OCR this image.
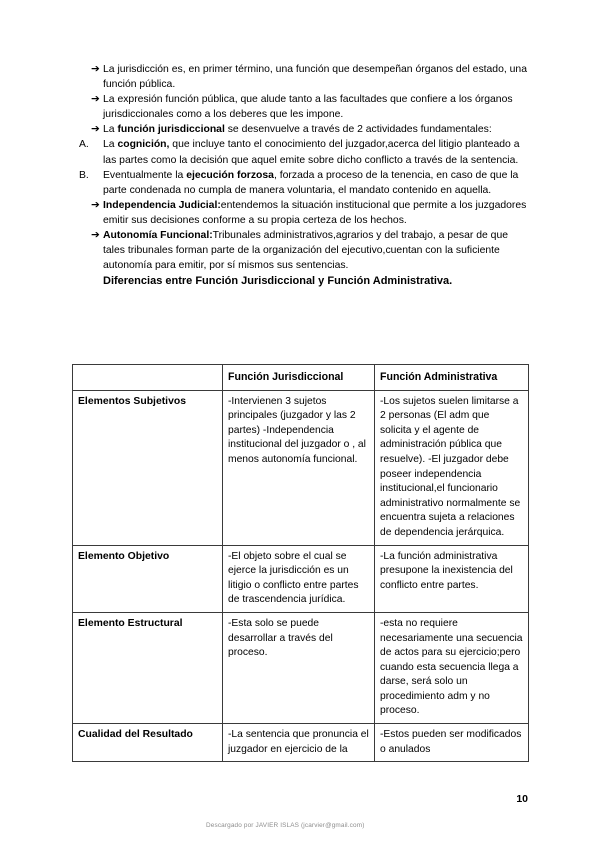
➔ La jurisdicción es, en primer término, una función que desempeñan órganos del estado, una función pública.
➔ La expresión función pública, que alude tanto a las facultades que confiere a los órganos jurisdiccionales como a los deberes que les impone.
➔ La función jurisdiccional se desenvuelve a través de 2 actividades fundamentales:
A. La cognición, que incluye tanto el conocimiento del juzgador,acerca del litigio planteado a las partes como la decisión que aquel emite sobre dicho conflicto a través de la sentencia.
B. Eventualmente la ejecución forzosa, forzada a proceso de la tenencia, en caso de que la parte condenada no cumpla de manera voluntaria, el mandato contenido en aquella.
➔ Independencia Judicial:entendemos la situación institucional que permite a los juzgadores emitir sus decisiones conforme a su propia certeza de los hechos.
➔ Autonomía Funcional:Tribunales administrativos,agrarios y del trabajo, a pesar de que tales tribunales forman parte de la organización del ejecutivo,cuentan con la suficiente autonomía para emitir, por sí mismos sus sentencias.
Diferencias entre Función Jurisdiccional y Función Administrativa.
	Función Jurisdiccional	Función Administrativa
Elementos Subjetivos	-Intervienen 3 sujetos principales (juzgador y las 2 partes) -Independencia institucional del juzgador o , al menos autonomía funcional.	-Los sujetos suelen limitarse a 2 personas (El adm que solicita y el agente de administración pública que resuelve). -El juzgador debe poseer independencia institucional,el funcionario administrativo normalmente se encuentra sujeta a relaciones de dependencia jerárquica.
Elemento Objetivo	-El objeto sobre el cual se ejerce la jurisdicción es un litigio o conflicto entre partes de trascendencia jurídica.	-La función administrativa presupone la inexistencia del conflicto entre partes.
Elemento Estructural	-Esta solo se puede desarrollar a través del proceso.	-esta no requiere necesariamente una secuencia de actos para su ejercicio;pero cuando esta secuencia llega a darse, será solo un procedimiento adm y no proceso.
Cualidad del Resultado	-La sentencia que pronuncia el juzgador en ejercicio de la	-Estos pueden ser modificados o anulados
10
Descargado por JAVIER ISLAS (jcarvier@gmail.com)
